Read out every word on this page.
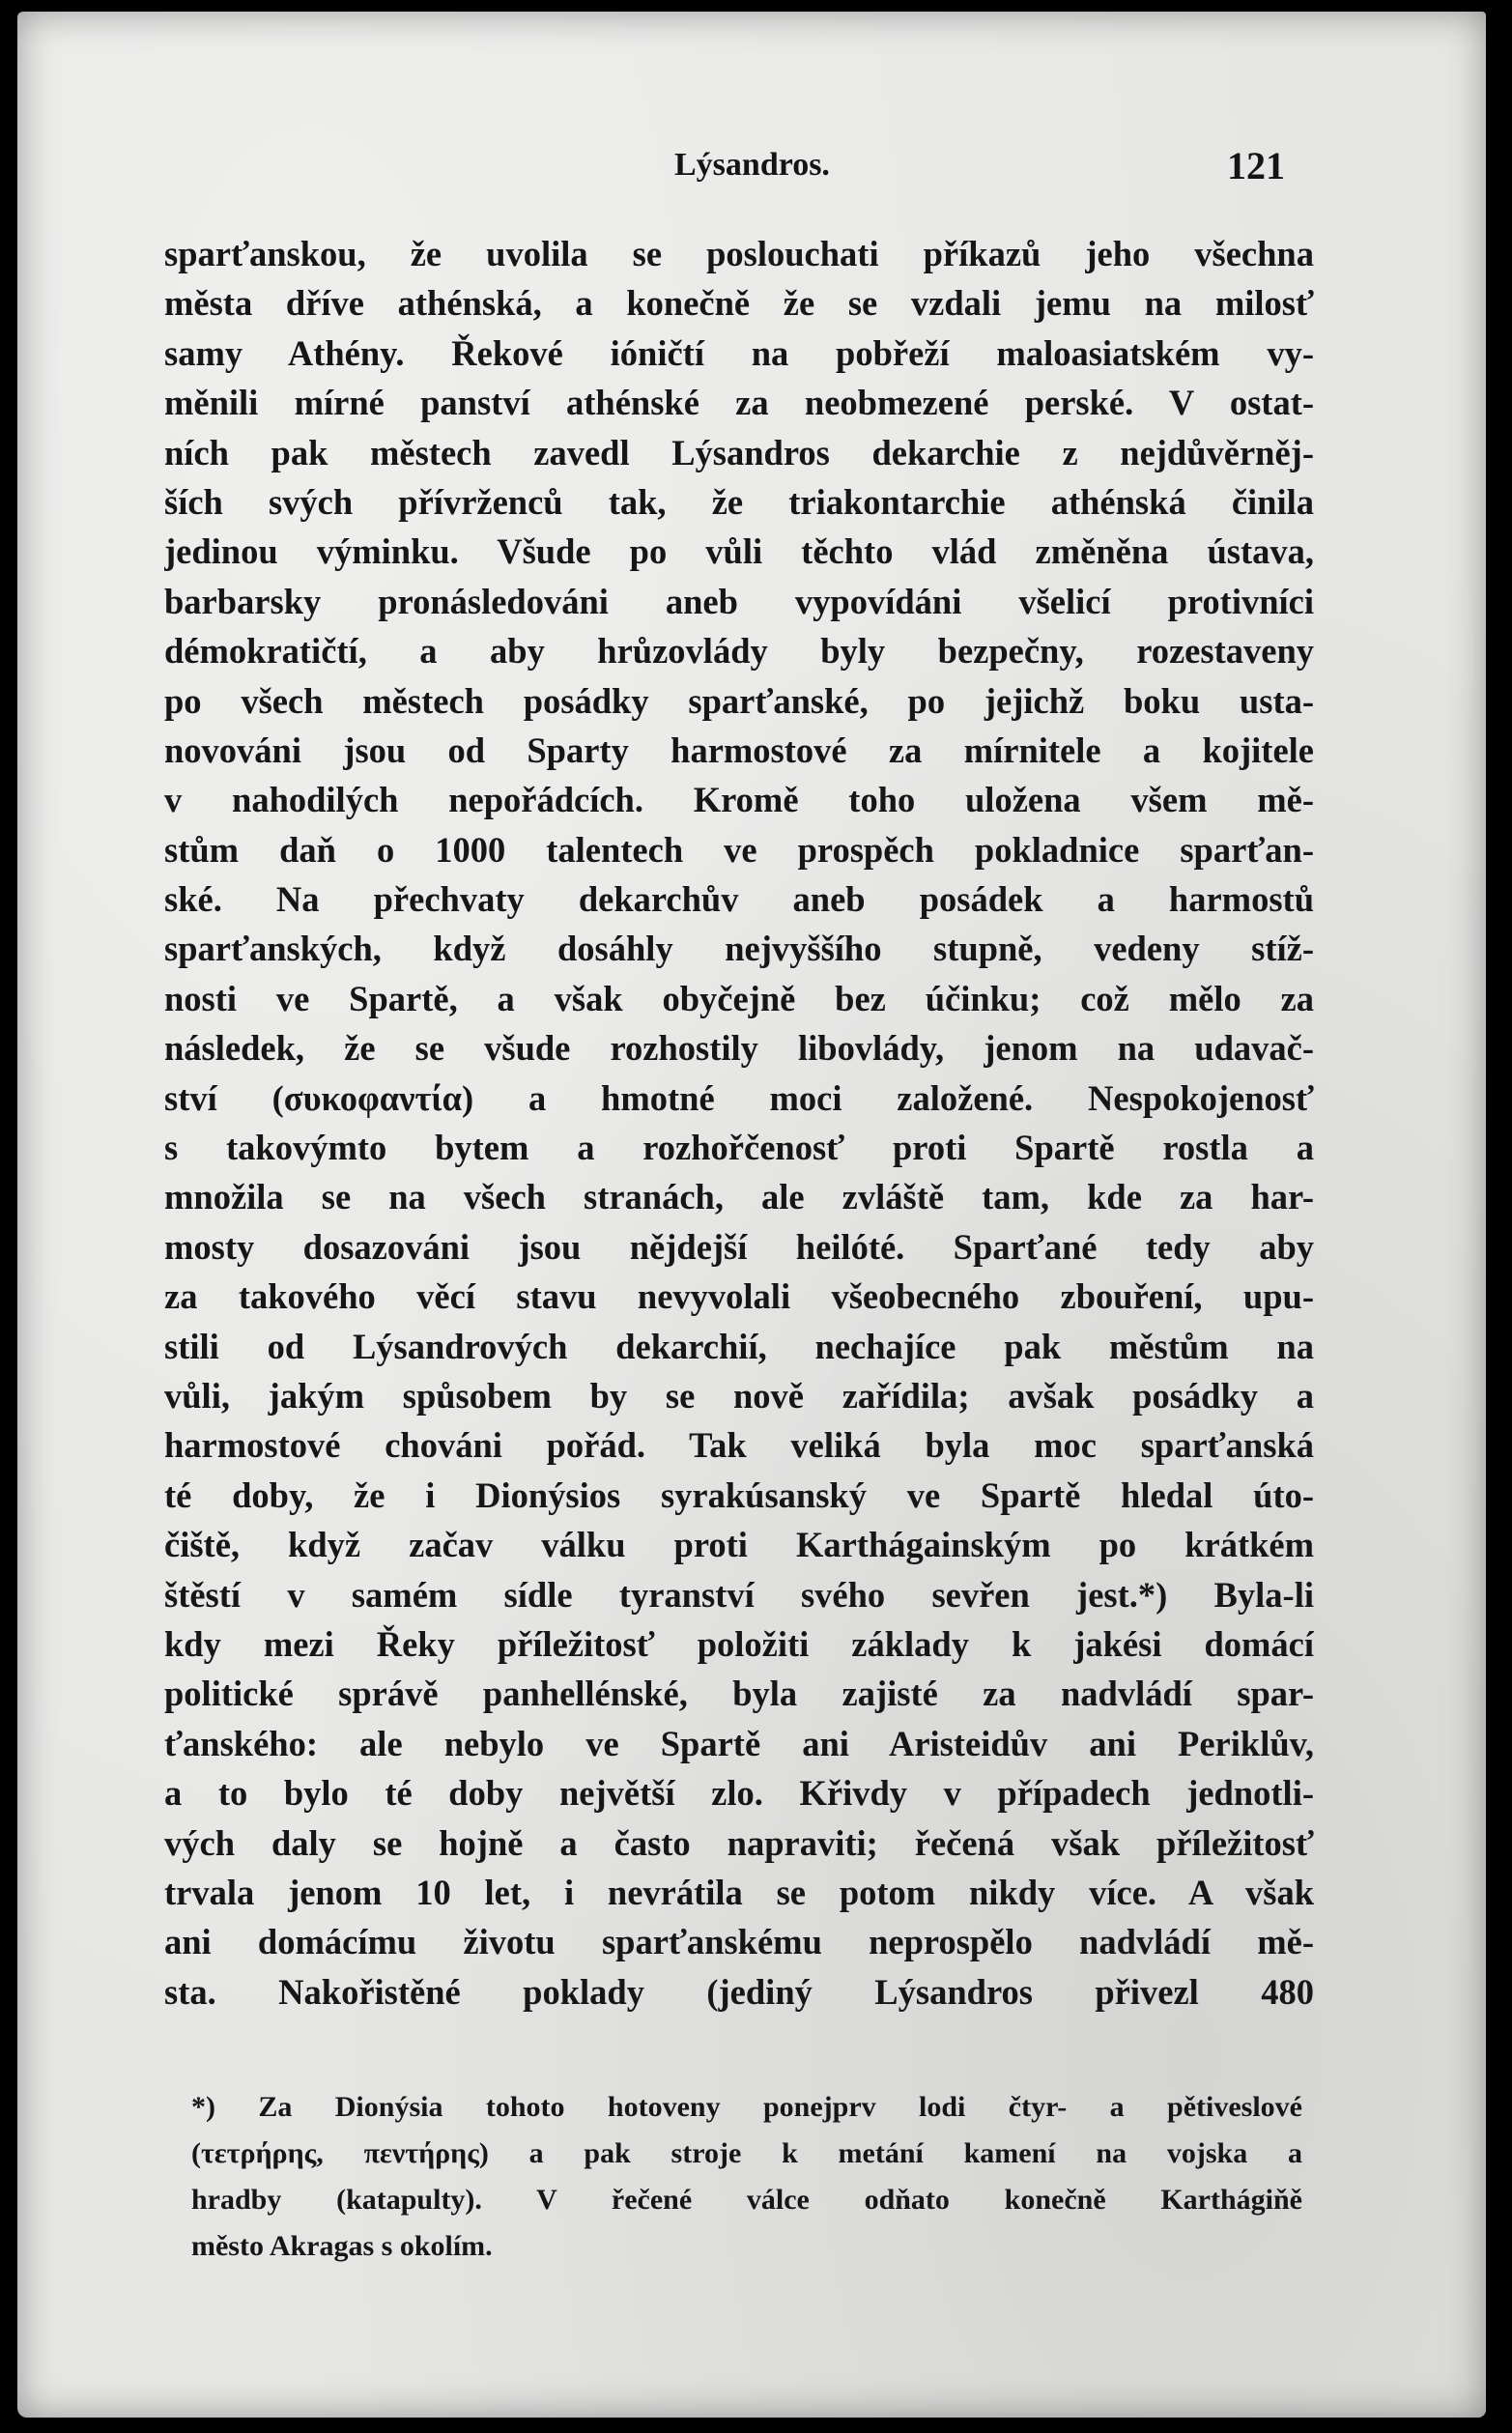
Lýsandros.	121
sparťanskou, že uvolila se poslouchati příkazů jeho všechna
města dříve athénská, a konečně že se vzdali jemu na milosť
samy Athény. Řekové ióničtí na pobřeží maloasiatském vy-
měnili mírné panství athénské za neobmezené perské. V ostat-
ních pak městech zavedl Lýsandros dekarchie z nejdůvěrněj-
ších svých přívrženců tak, že triakontarchie athénská činila
jedinou výminku. Všude po vůli těchto vlád změněna ústava,
barbarsky pronásledováni aneb vypovídáni všelicí protivníci
démokratičtí, a aby hrůzovlády byly bezpečny, rozestaveny
po všech městech posádky sparťanské, po jejichž boku usta-
novováni jsou od Sparty harmostové za mírnitele a kojitele
v nahodilých nepořádcích. Kromě toho uložena všem mě-
stům daň o 1000 talentech ve prospěch pokladnice sparťan-
ské. Na přechvaty dekarchův aneb posádek a harmostů
sparťanských, když dosáhly nejvyššího stupně, vedeny stíž-
nosti ve Spartě, a však obyčejně bez účinku; což mělo za
následek, že se všude rozhostily libovlády, jenom na udavač-
ství (συκοφαντία) a hmotné moci založené. Nespokojenosť
s takovýmto bytem a rozhořčenosť proti Spartě rostla a
množila se na všech stranách, ale zvláště tam, kde za har-
mosty dosazováni jsou nějdejší heilóté. Sparťané tedy aby
za takového věcí stavu nevyvolali všeobecného zbouření, upu-
stili od Lýsandrových dekarchií, nechajíce pak městům na
vůli, jakým spůsobem by se nově zařídila; avšak posádky a
harmostové chováni pořád. Tak veliká byla moc sparťanská
té doby, že i Dionýsios syrakúsanský ve Spartě hledal úto-
čiště, když začav válku proti Karthágainským po krátkém
štěstí v samém sídle tyranství svého sevřen jest.*) Byla-li
kdy mezi Řeky příležitosť položiti základy k jakési domácí
politické správě panhellénské, byla zajisté za nadvládí spar-
ťanského: ale nebylo ve Spartě ani Aristeidův ani Periklův,
a to bylo té doby největší zlo. Křivdy v případech jednotli-
vých daly se hojně a často napraviti; řečená však příležitosť
trvala jenom 10 let, i nevrátila se potom nikdy více. A však
ani domácímu životu sparťanskému neprospělo nadvládí mě-
sta. Nakořistěné poklady (jediný Lýsandros přivezl 480
*) Za Dionýsia tohoto hotoveny ponejprv lodi čtyr- a pětiveslové
(τετρήρης, πεντήρης) a pak stroje k metání kamení na vojska a
hradby (katapulty). V řečené válce odňato konečně Karthágiňě
město Akragas s okolím.
